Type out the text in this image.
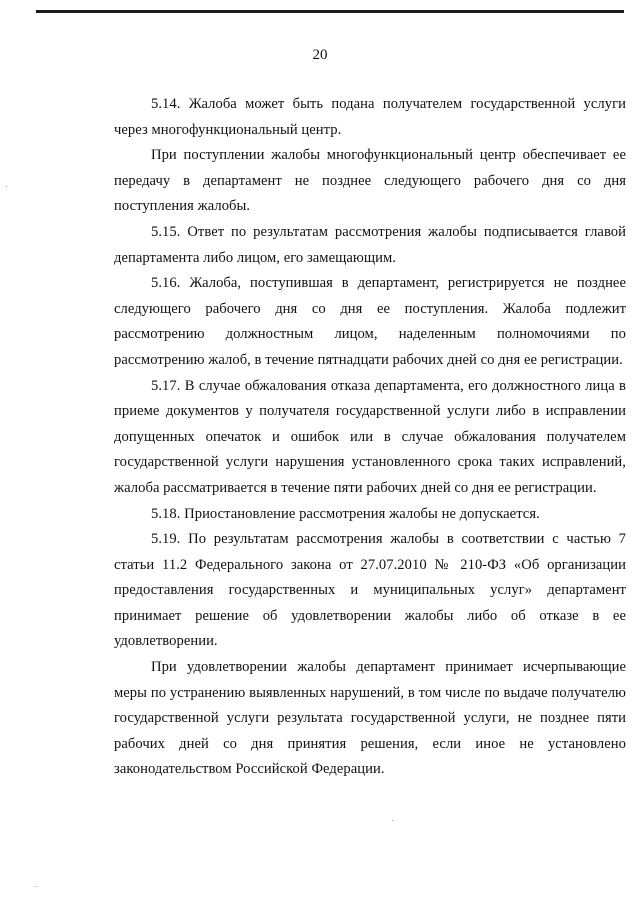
20

5.14. Жалоба может быть подана получателем государственной услуги через многофункциональный центр.

При поступлении жалобы многофункциональный центр обеспечивает ее передачу в департамент не позднее следующего рабочего дня со дня поступления жалобы.

5.15. Ответ по результатам рассмотрения жалобы подписывается главой департамента либо лицом, его замещающим.

5.16. Жалоба, поступившая в департамент, регистрируется не позднее следующего рабочего дня со дня ее поступления. Жалоба подлежит рассмотрению должностным лицом, наделенным полномочиями по рассмотрению жалоб, в течение пятнадцати рабочих дней со дня ее регистрации.

5.17. В случае обжалования отказа департамента, его должностного лица в приеме документов у получателя государственной услуги либо в исправлении допущенных опечаток и ошибок или в случае обжалования получателем государственной услуги нарушения установленного срока таких исправлений, жалоба рассматривается в течение пяти рабочих дней со дня ее регистрации.

5.18. Приостановление рассмотрения жалобы не допускается.

5.19. По результатам рассмотрения жалобы в соответствии с частью 7 статьи 11.2 Федерального закона от 27.07.2010 № 210-ФЗ «Об организации предоставления государственных и муниципальных услуг» департамент принимает решение об удовлетворении жалобы либо об отказе в ее удовлетворении.

При удовлетворении жалобы департамент принимает исчерпывающие меры по устранению выявленных нарушений, в том числе по выдаче получателю государственной услуги результата государственной услуги, не позднее пяти рабочих дней со дня принятия решения, если иное не установлено законодательством Российской Федерации.
